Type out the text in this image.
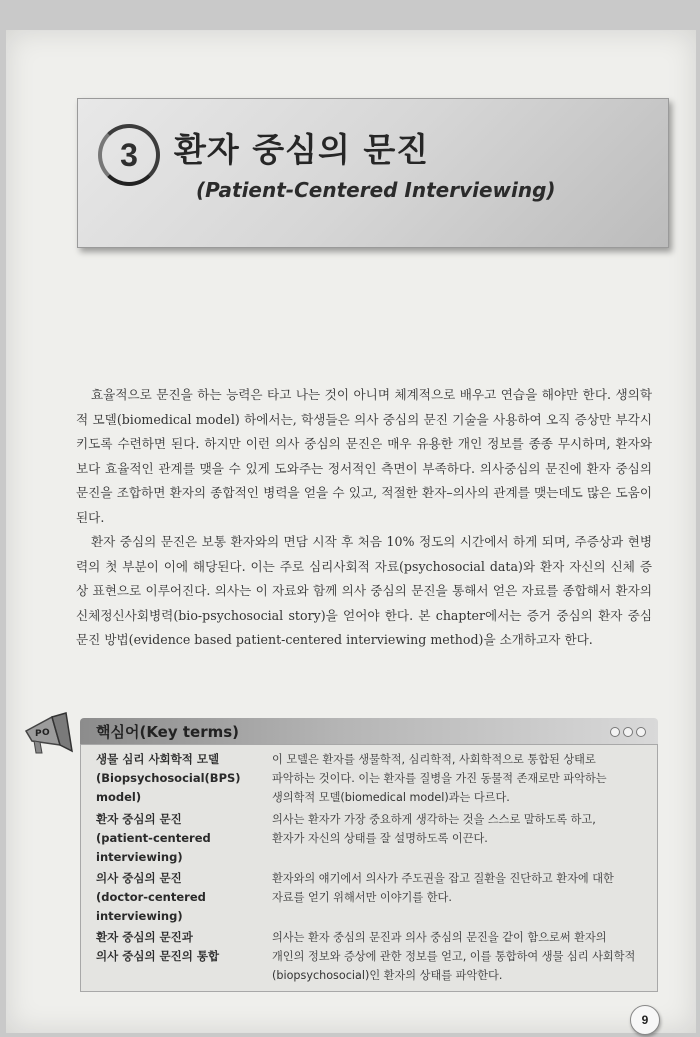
3	환자 중심의 문진
(Patient-Centered Interviewing)

효율적으로 문진을 하는 능력은 타고 나는 것이 아니며 체계적으로 배우고 연습을 해야만 한다. 생의학적 모델(biomedical model) 하에서는, 학생들은 의사 중심의 문진 기술을 사용하여 오직 증상만 부각시키도록 수련하면 된다. 하지만 이런 의사 중심의 문진은 매우 유용한 개인 정보를 종종 무시하며, 환자와 보다 효율적인 관계를 맺을 수 있게 도와주는 정서적인 측면이 부족하다. 의사중심의 문진에 환자 중심의 문진을 조합하면 환자의 종합적인 병력을 얻을 수 있고, 적절한 환자–의사의 관계를 맺는데도 많은 도움이 된다.

환자 중심의 문진은 보통 환자와의 면담 시작 후 처음 10% 정도의 시간에서 하게 되며, 주증상과 현병력의 첫 부분이 이에 해당된다. 이는 주로 심리사회적 자료(psychosocial data)와 환자 자신의 신체 증상 표현으로 이루어진다. 의사는 이 자료와 함께 의사 중심의 문진을 통해서 얻은 자료를 종합해서 환자의 신체정신사회병력(bio-psychosocial story)을 얻어야 한다. 본 chapter에서는 증거 중심의 환자 중심 문진 방법(evidence based patient-centered interviewing method)을 소개하고자 한다.

P O	핵심어(Key terms)
생물 심리 사회학적 모델
(Biopsychosocial(BPS)
model)
이 모델은 환자를 생물학적, 심리학적, 사회학적으로 통합된 상태로
파악하는 것이다. 이는 환자를 질병을 가진 동물적 존재로만 파악하는
생의학적 모델(biomedical model)과는 다르다.
환자 중심의 문진
(patient-centered
interviewing)
의사는 환자가 가장 중요하게 생각하는 것을 스스로 말하도록 하고,
환자가 자신의 상태를 잘 설명하도록 이끈다.
의사 중심의 문진
(doctor-centered
interviewing)
환자와의 얘기에서 의사가 주도권을 잡고 질환을 진단하고 환자에 대한
자료를 얻기 위해서만 이야기를 한다.
환자 중심의 문진과
의사 중심의 문진의 통합
의사는 환자 중심의 문진과 의사 중심의 문진을 같이 함으로써 환자의
개인의 정보와 증상에 관한 정보를 얻고, 이를 통합하여 생물 심리 사회학적
(biopsychosocial)인 환자의 상태를 파악한다.
9
